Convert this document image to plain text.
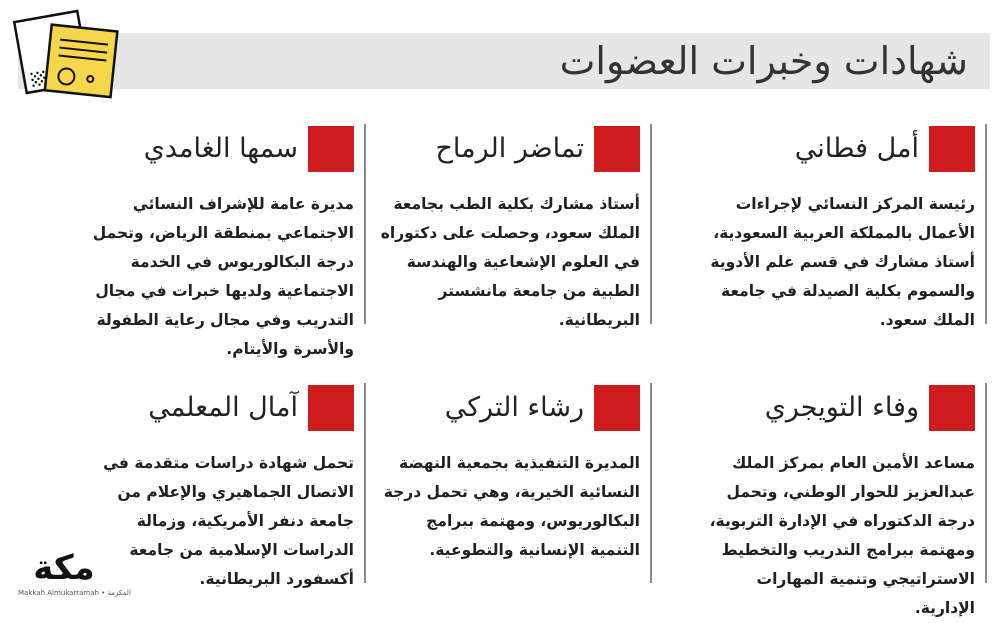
شهادات وخبرات العضوات
أمل فطاني
رئيسة المركز النسائي لإجراءات الأعمال بالمملكة العربية السعودية، أستاذ مشارك في قسم علم الأدوية والسموم بكلية الصيدلة في جامعة الملك سعود.
تماضر الرماح
أستاذ مشارك بكلية الطب بجامعة الملك سعود، وحصلت على دكتوراه في العلوم الإشعاعية والهندسة الطبية من جامعة مانشستر البريطانية.
سمها الغامدي
مديرة عامة للإشراف النسائي الاجتماعي بمنطقة الرياض، وتحمل درجة البكالوريوس في الخدمة الاجتماعية ولديها خبرات في مجال التدريب وفي مجال رعاية الطفولة والأسرة والأيتام.
وفاء التويجري
مساعد الأمين العام بمركز الملك عبدالعزيز للحوار الوطني، وتحمل درجة الدكتوراه في الإدارة التربوية، ومهتمة ببرامج التدريب والتخطيط الاستراتيجي وتنمية المهارات الإدارية.
رشاء التركي
المديرة التنفيذية بجمعية النهضة النسائية الخيرية، وهي تحمل درجة البكالوريوس، ومهتمة ببرامج التنمية الإنسانية والتطوعية.
آمال المعلمي
تحمل شهادة دراسات متقدمة في الاتصال الجماهيري والإعلام من جامعة دنفر الأمريكية، وزمالة الدراسات الإسلامية من جامعة أكسفورد البريطانية.
مكة
Makkah Almukarramah • المكرمة
